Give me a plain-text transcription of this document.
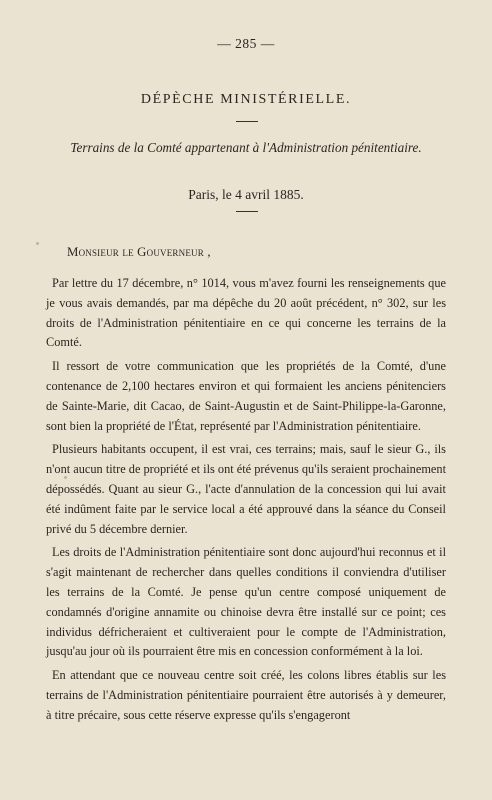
— 285 —
DÉPÈCHE MINISTÉRIELLE.
Terrains de la Comté appartenant à l'Administration pénitentiaire.
Paris, le 4 avril 1885.
Monsieur le Gouverneur ,

Par lettre du 17 décembre, n° 1014, vous m'avez fourni les renseignements que je vous avais demandés, par ma dépêche du 20 août précédent, n° 302, sur les droits de l'Administration pénitentiaire en ce qui concerne les terrains de la Comté.

Il ressort de votre communication que les propriétés de la Comté, d'une contenance de 2,100 hectares environ et qui formaient les anciens pénitenciers de Sainte-Marie, dit Cacao, de Saint-Augustin et de Saint-Philippe-la-Garonne, sont bien la propriété de l'État, représenté par l'Administration pénitentiaire.

Plusieurs habitants occupent, il est vrai, ces terrains; mais, sauf le sieur G., ils n'ont aucun titre de propriété et ils ont été prévenus qu'ils seraient prochainement dépossédés. Quant au sieur G., l'acte d'annulation de la concession qui lui avait été indûment faite par le service local a été approuvé dans la séance du Conseil privé du 5 décembre dernier.

Les droits de l'Administration pénitentiaire sont donc aujourd'hui reconnus et il s'agit maintenant de rechercher dans quelles conditions il conviendra d'utiliser les terrains de la Comté. Je pense qu'un centre composé uniquement de condamnés d'origine annamite ou chinoise devra être installé sur ce point; ces individus défricheraient et cultiveraient pour le compte de l'Administration, jusqu'au jour où ils pourraient être mis en concession conformément à la loi.

En attendant que ce nouveau centre soit créé, les colons libres établis sur les terrains de l'Administration pénitentiaire pourraient être autorisés à y demeurer, à titre précaire, sous cette réserve expresse qu'ils s'engageront
